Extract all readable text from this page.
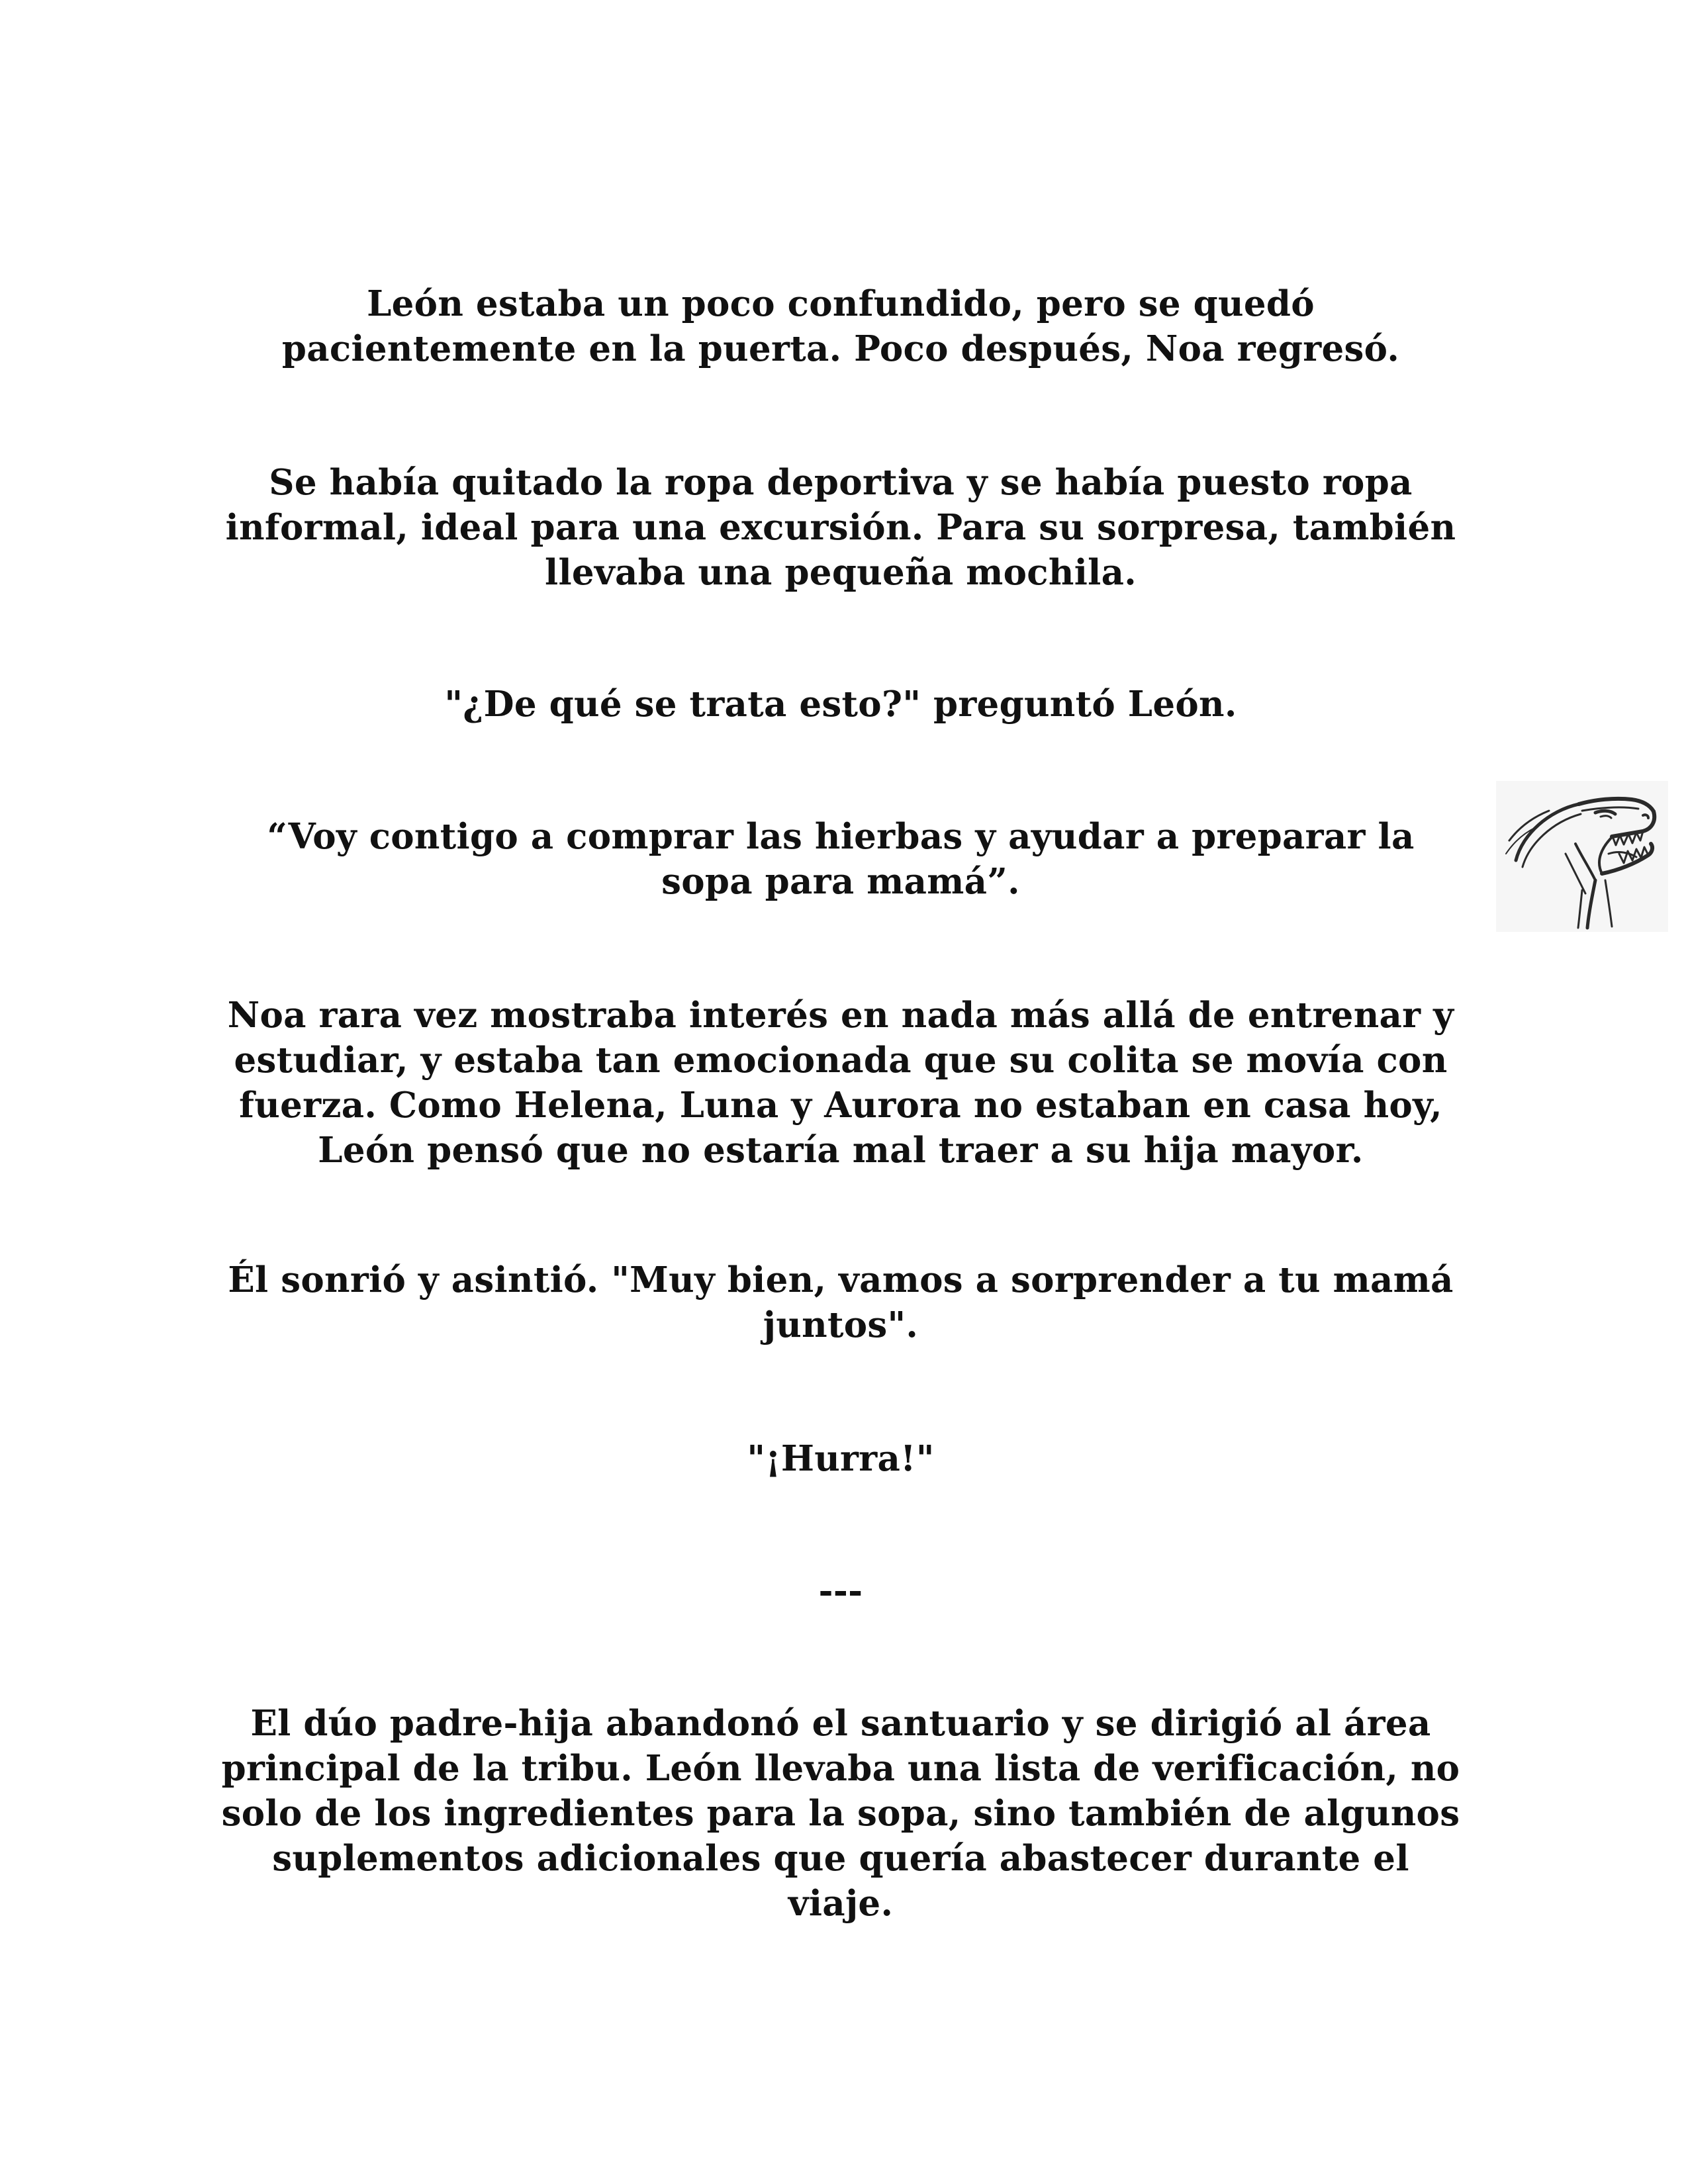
León estaba un poco confundido, pero se quedó pacientemente en la puerta. Poco después, Noa regresó.

Se había quitado la ropa deportiva y se había puesto ropa informal, ideal para una excursión. Para su sorpresa, también llevaba una pequeña mochila.

"¿De qué se trata esto?" preguntó León.

“Voy contigo a comprar las hierbas y ayudar a preparar la sopa para mamá”.

Noa rara vez mostraba interés en nada más allá de entrenar y estudiar, y estaba tan emocionada que su colita se movía con fuerza. Como Helena, Luna y Aurora no estaban en casa hoy, León pensó que no estaría mal traer a su hija mayor.

Él sonrió y asintió. "Muy bien, vamos a sorprender a tu mamá juntos".

"¡Hurra!"

---

El dúo padre-hija abandonó el santuario y se dirigió al área principal de la tribu. León llevaba una lista de verificación, no solo de los ingredientes para la sopa, sino también de algunos suplementos adicionales que quería abastecer durante el viaje.
